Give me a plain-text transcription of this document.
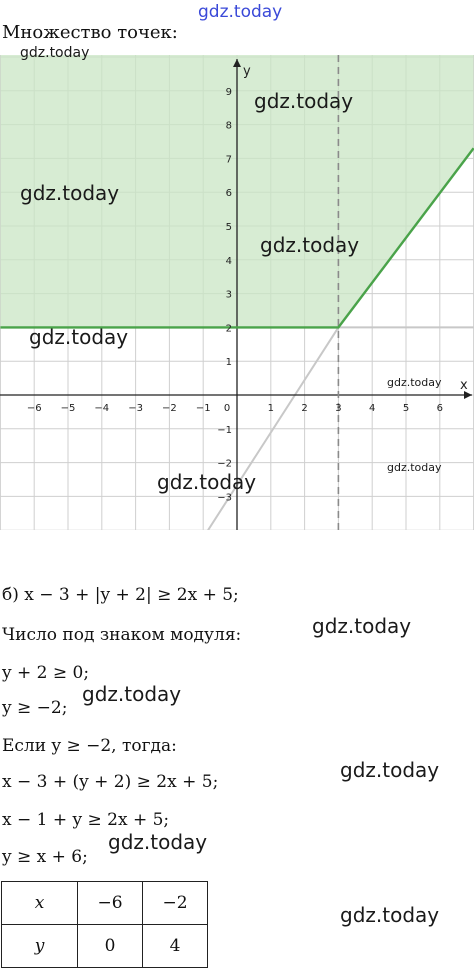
gdz.today
Множество точек:
−6 −5 −4 −3 −2 −1 0	1	2	3	4	5	6
9
8
7
6
5
4
3
2
1
−1
−2
−3
x
y
б) x − 3 + |y + 2| ≥ 2x + 5;
Число под знаком модуля:
y + 2 ≥ 0;
y ≥ −2;
Если y ≥ −2, тогда:
x − 3 + (y + 2) ≥ 2x + 5;
x − 1 + y ≥ 2x + 5;
y ≥ x + 6;
x	−6	−2
y	0	4
gdz.today
gdz.today
gdz.today
gdz.today
gdz.today
gdz.today
gdz.today
gdz.today
gdz.today
gdz.today
gdz.today
gdz.today
gdz.today
